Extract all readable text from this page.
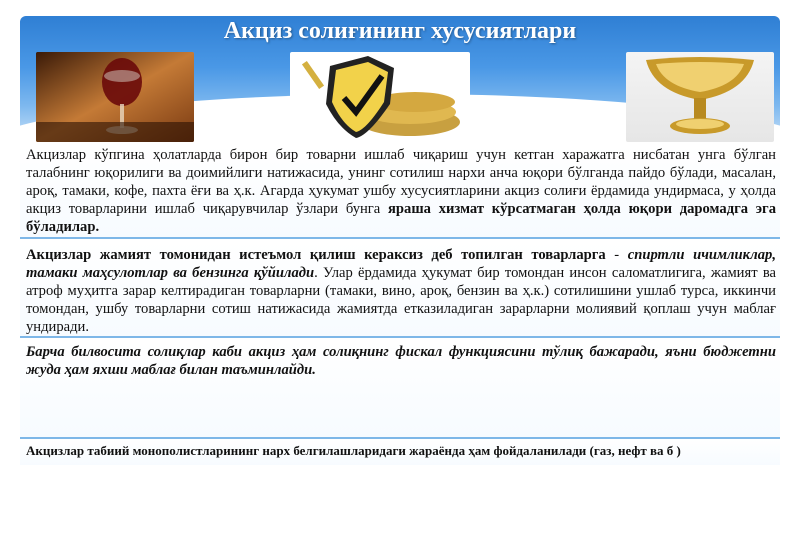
Акциз солиғининг хусусиятлари

Акцизлар кўпгина ҳолатларда бирон бир товарни ишлаб чиқариш учун кетган харажатга нисбатан унга бўлган талабнинг юқорилиги ва доимийлиги натижасида, унинг сотилиш нархи анча юқори бўлганда пайдо бўлади, масалан, ароқ, тамаки, кофе, пахта ёғи ва ҳ.к. Агарда ҳукумат ушбу хусусиятларини акциз солиғи ёрдамида ундирмаса, у ҳолда акциз товарларини ишлаб чиқарувчилар ўзлари бунга яраша хизмат кўрсатмаган ҳолда юқори даромадга эга бўладилар.

Акцизлар жамият томонидан истеъмол қилиш кераксиз деб топилган товарларга - спиртли ичимликлар, тамаки маҳсулотлар ва бензинга қўйилади. Улар ёрдамида ҳукумат бир томондан инсон саломатлигига, жамият ва атроф муҳитга зарар келтирадиган товарларни (тамаки, вино, ароқ, бензин ва ҳ.к.) сотилишини ушлаб турса, иккинчи томондан, ушбу товарларни сотиш натижасида жамиятда етказиладиган зарарларни молиявий қоплаш учун маблағ ундиради.

Барча билвосита солиқлар каби акциз ҳам солиқнинг фискал функциясини тўлиқ бажаради, яъни бюджетни жуда ҳам яхши маблағ билан таъминлайди.

Акцизлар табиий монополистларининг нарх белгилашларидаги жараёнда ҳам фойдаланилади (газ, нефт ва б )
